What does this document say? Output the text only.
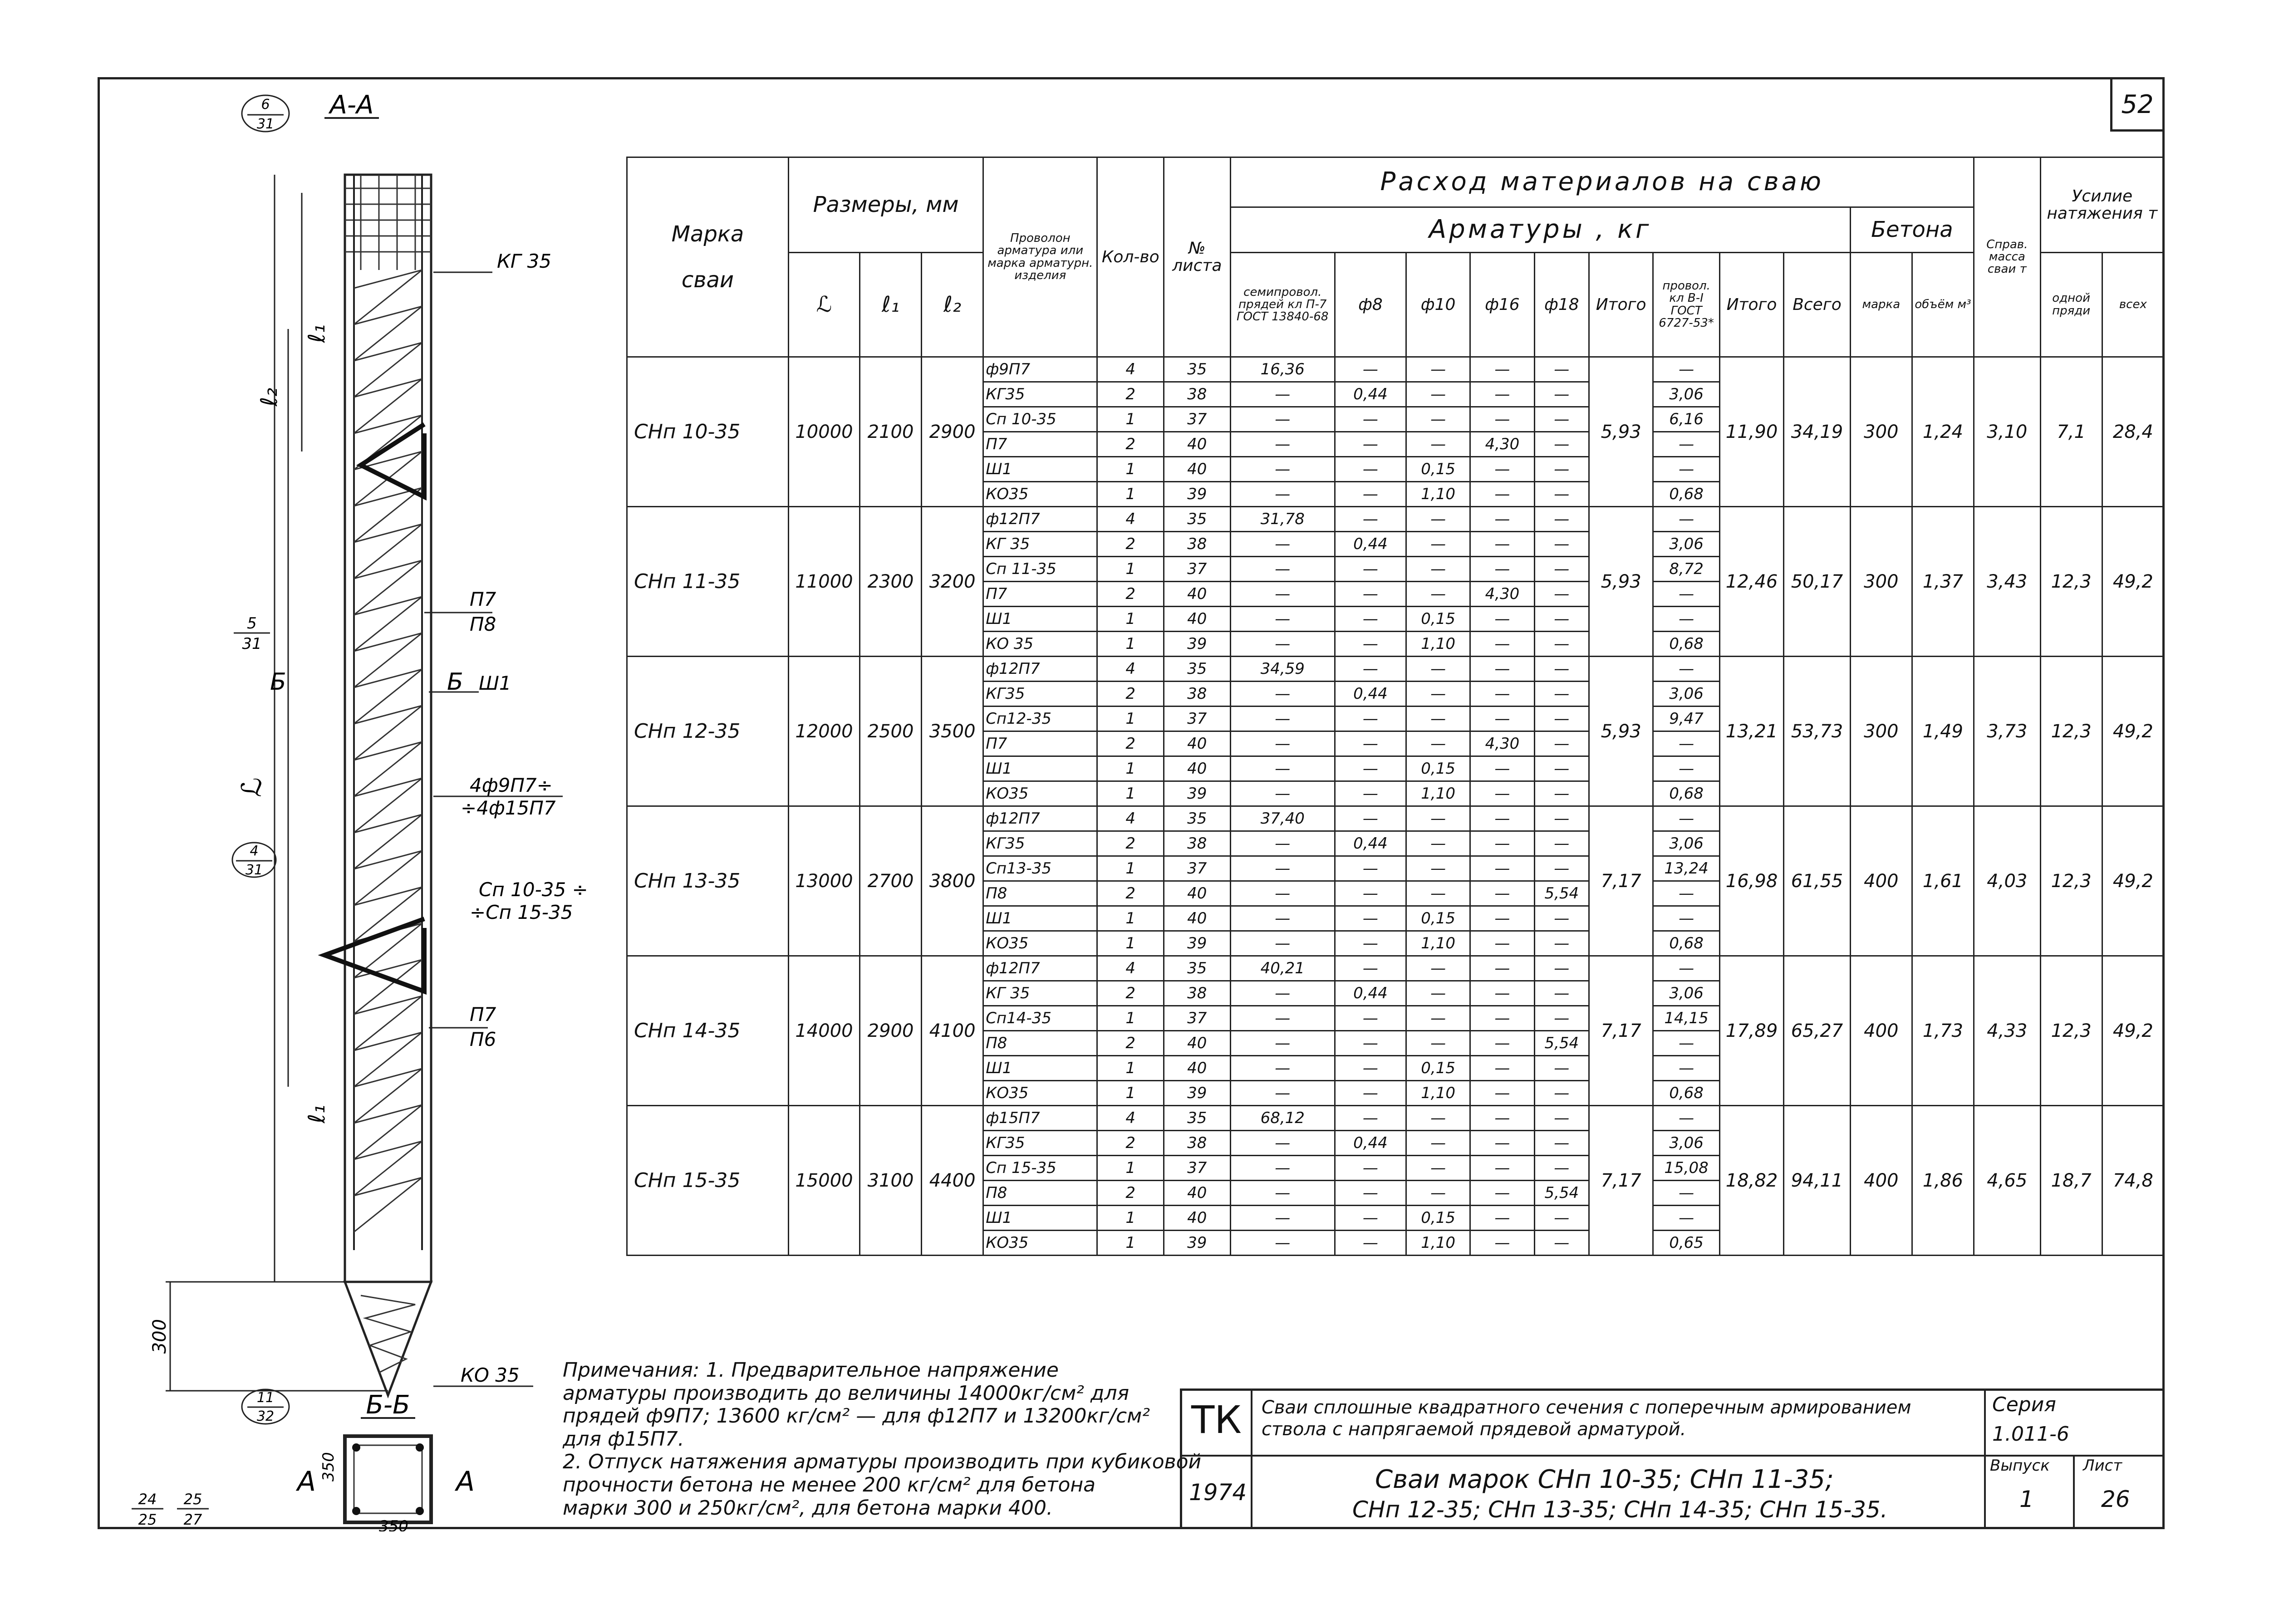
52
А-А
6
31
ℒ
ℓ₂
ℓ₁
ℓ₁
300
КГ 35
П7
П8
Ш1
4ф9П7÷
÷4ф15П7
Сп 10-35 ÷
÷Сп 15-35
П7
П6
КО 35
Б	Б
5
31
4
31
11
32	Б-Б
А	А
350
350
24
25
25
27
Марка

сваи	Размеры, мм			Проволон арматура или марка арматурн. изделия	Кол-во	№ листа	Расход материалов на сваю											Справ. масса сваи т	Усилие натяжения т	
							Арматуры , кг									Бетона				
	ℒ	ℓ₁	ℓ₂				семипровол. прядей кл П-7 ГОСТ 13840-68	ф8	ф10	ф16	ф18	Итого	провол. кл В-I ГОСТ 6727-53*	Итого	Всего	марка	объём м³		одной пряди	всех
СНп 10-35	10000	2100	2900	ф9П7	4	35	16,36	—	—	—	—	5,93	—	11,90	34,19	300	1,24	3,10	7,1	28,4
				КГ35	2	38	—	0,44	—	—	—		3,06							
				Сп 10-35	1	37	—	—	—	—	—		6,16							
				П7	2	40	—	—	—	4,30	—		—							
				Ш1	1	40	—	—	0,15	—	—		—							
				КО35	1	39	—	—	1,10	—	—		0,68							
СНп 11-35	11000	2300	3200	ф12П7	4	35	31,78	—	—	—	—	5,93	—	12,46	50,17	300	1,37	3,43	12,3	49,2
				КГ 35	2	38	—	0,44	—	—	—		3,06							
				Сп 11-35	1	37	—	—	—	—	—		8,72							
				П7	2	40	—	—	—	4,30	—		—							
				Ш1	1	40	—	—	0,15	—	—		—							
				КО 35	1	39	—	—	1,10	—	—		0,68							
СНп 12-35	12000	2500	3500	ф12П7	4	35	34,59	—	—	—	—	5,93	—	13,21	53,73	300	1,49	3,73	12,3	49,2
				КГ35	2	38	—	0,44	—	—	—		3,06							
				Сп12-35	1	37	—	—	—	—	—		9,47							
				П7	2	40	—	—	—	4,30	—		—							
				Ш1	1	40	—	—	0,15	—	—		—							
				КО35	1	39	—	—	1,10	—	—		0,68							
СНп 13-35	13000	2700	3800	ф12П7	4	35	37,40	—	—	—	—	7,17	—	16,98	61,55	400	1,61	4,03	12,3	49,2
				КГ35	2	38	—	0,44	—	—	—		3,06							
				Сп13-35	1	37	—	—	—	—	—		13,24							
				П8	2	40	—	—	—	—	5,54		—							
				Ш1	1	40	—	—	0,15	—	—		—							
				КО35	1	39	—	—	1,10	—	—		0,68							
СНп 14-35	14000	2900	4100	ф12П7	4	35	40,21	—	—	—	—	7,17	—	17,89	65,27	400	1,73	4,33	12,3	49,2
				КГ 35	2	38	—	0,44	—	—	—		3,06							
				Сп14-35	1	37	—	—	—	—	—		14,15							
				П8	2	40	—	—	—	—	5,54		—							
				Ш1	1	40	—	—	0,15	—	—		—							
				КО35	1	39	—	—	1,10	—	—		0,68							
СНп 15-35	15000	3100	4400	ф15П7	4	35	68,12	—	—	—	—	7,17	—	18,82	94,11	400	1,86	4,65	18,7	74,8
				КГ35	2	38	—	0,44	—	—	—		3,06							
				Сп 15-35	1	37	—	—	—	—	—		15,08							
				П8	2	40	—	—	—	—	5,54		—							
				Ш1	1	40	—	—	0,15	—	—		—							
				КО35	1	39	—	—	1,10	—	—		0,65							
Примечания: 1. Предварительное напряжение
арматуры производить до величины 14000кг/см² для
прядей ф9П7; 13600 кг/см² — для ф12П7 и 13200кг/см²
для ф15П7.
2. Отпуск натяжения арматуры производить при кубиковой
прочности бетона не менее 200 кг/см² для бетона
марки 300 и 250кг/см², для бетона марки 400.
ТК
1974
Сваи сплошные квадратного сечения с поперечным армированием ствола с напрягаемой прядевой арматурой.
Сваи марок СНп 10-35; СНп 11-35;
СНп 12-35; СНп 13-35; СНп 14-35; СНп 15-35.
Серия
1.011-6
Выпуск
1
Лист
26
